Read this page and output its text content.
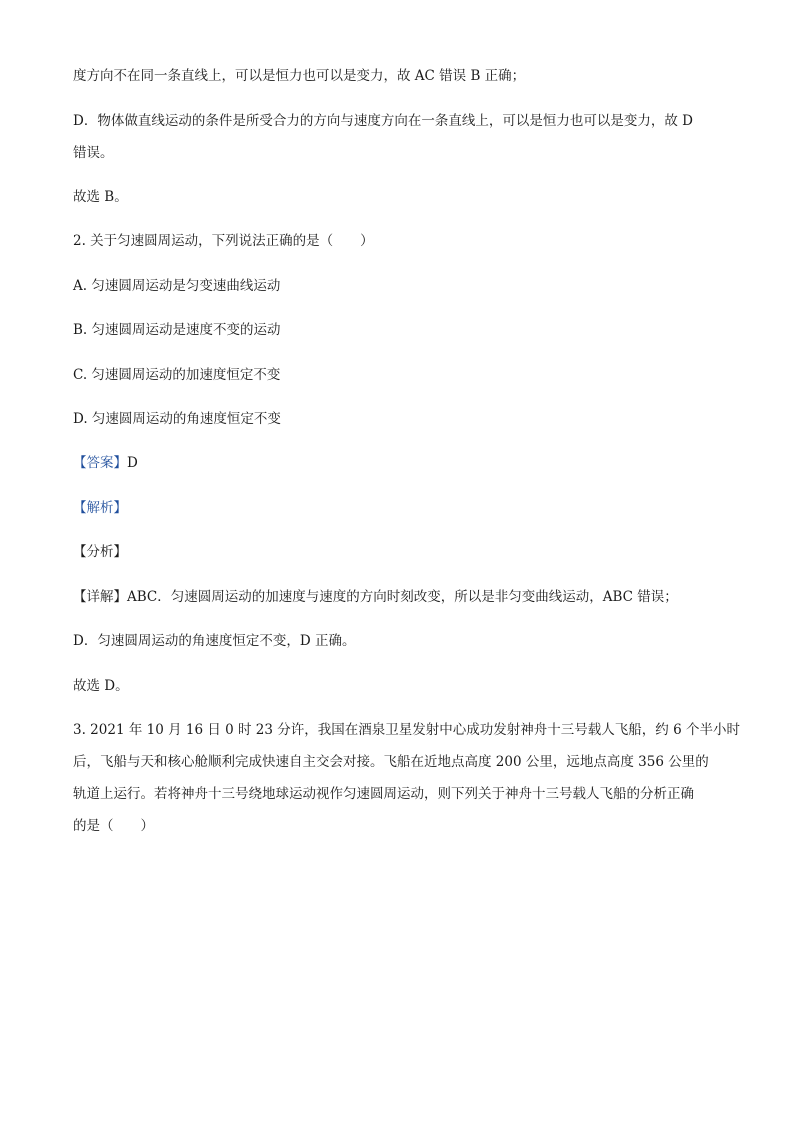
度方向不在同一条直线上，可以是恒力也可以是变力，故 AC 错误 B 正确；
D．物体做直线运动的条件是所受合力的方向与速度方向在一条直线上，可以是恒力也可以是变力，故 D
错误。
故选 B。
2. 关于匀速圆周运动，下列说法正确的是（　　）
A. 匀速圆周运动是匀变速曲线运动
B. 匀速圆周运动是速度不变的运动
C. 匀速圆周运动的加速度恒定不变
D. 匀速圆周运动的角速度恒定不变
【答案】D
【解析】
【分析】
【详解】ABC．匀速圆周运动的加速度与速度的方向时刻改变，所以是非匀变曲线运动，ABC 错误；
D．匀速圆周运动的角速度恒定不变，D 正确。
故选 D。
3. 2021 年 10 月 16 日 0 时 23 分许，我国在酒泉卫星发射中心成功发射神舟十三号载人飞船，约 6 个半小时
后，飞船与天和核心舱顺利完成快速自主交会对接。飞船在近地点高度 200 公里，远地点高度 356 公里的
轨道上运行。若将神舟十三号绕地球运动视作匀速圆周运动，则下列关于神舟十三号载人飞船的分析正确
的是（　　）
